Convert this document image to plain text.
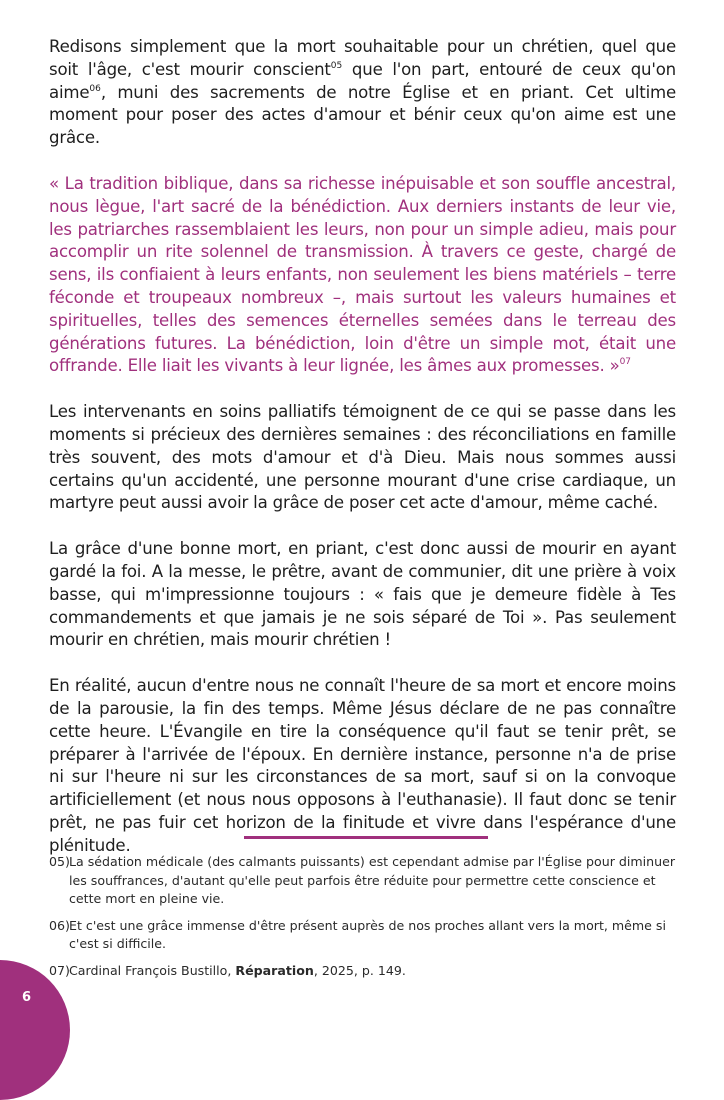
Redisons simplement que la mort souhaitable pour un chrétien, quel que soit l'âge, c'est mourir conscient$^{05}$ que l'on part, entouré de ceux qu'on aime$^{06}$, muni des sacrements de notre Église et en priant. Cet ultime moment pour poser des actes d'amour et bénir ceux qu'on aime est une grâce.

« La tradition biblique, dans sa richesse inépuisable et son souffle ancestral, nous lègue, l'art sacré de la bénédiction. Aux derniers instants de leur vie, les patriarches rassemblaient les leurs, non pour un simple adieu, mais pour accomplir un rite solennel de transmission. À travers ce geste, chargé de sens, ils confiaient à leurs enfants, non seulement les biens matériels – terre féconde et troupeaux nombreux –, mais surtout les valeurs humaines et spirituelles, telles des semences éternelles semées dans le terreau des générations futures. La bénédiction, loin d'être un simple mot, était une offrande. Elle liait les vivants à leur lignée, les âmes aux promesses. »$^{07}$

Les intervenants en soins palliatifs témoignent de ce qui se passe dans les moments si précieux des dernières semaines : des réconciliations en famille très souvent, des mots d'amour et d'à Dieu. Mais nous sommes aussi certains qu'un accidenté, une personne mourant d'une crise cardiaque, un martyre peut aussi avoir la grâce de poser cet acte d'amour, même caché.

La grâce d'une bonne mort, en priant, c'est donc aussi de mourir en ayant gardé la foi. A la messe, le prêtre, avant de communier, dit une prière à voix basse, qui m'impressionne toujours : « fais que je demeure fidèle à Tes commandements et que jamais je ne sois séparé de Toi ». Pas seulement mourir en chrétien, mais mourir chrétien !

En réalité, aucun d'entre nous ne connaît l'heure de sa mort et encore moins de la parousie, la fin des temps. Même Jésus déclare de ne pas connaître cette heure. L'Évangile en tire la conséquence qu'il faut se tenir prêt, se préparer à l'arrivée de l'époux. En dernière instance, personne n'a de prise ni sur l'heure ni sur les circonstances de sa mort, sauf si on la convoque artificiellement (et nous nous opposons à l'euthanasie). Il faut donc se tenir prêt, ne pas fuir cet horizon de la finitude et vivre dans l'espérance d'une plénitude.

05)La sédation médicale (des calmants puissants) est cependant admise par l'Église pour diminuer les souffrances, d'autant qu'elle peut parfois être réduite pour permettre cette conscience et cette mort en pleine vie.
06)Et c'est une grâce immense d'être présent auprès de nos proches allant vers la mort, même si c'est si difficile.
07)Cardinal François Bustillo, Réparation, 2025, p. 149.
6
